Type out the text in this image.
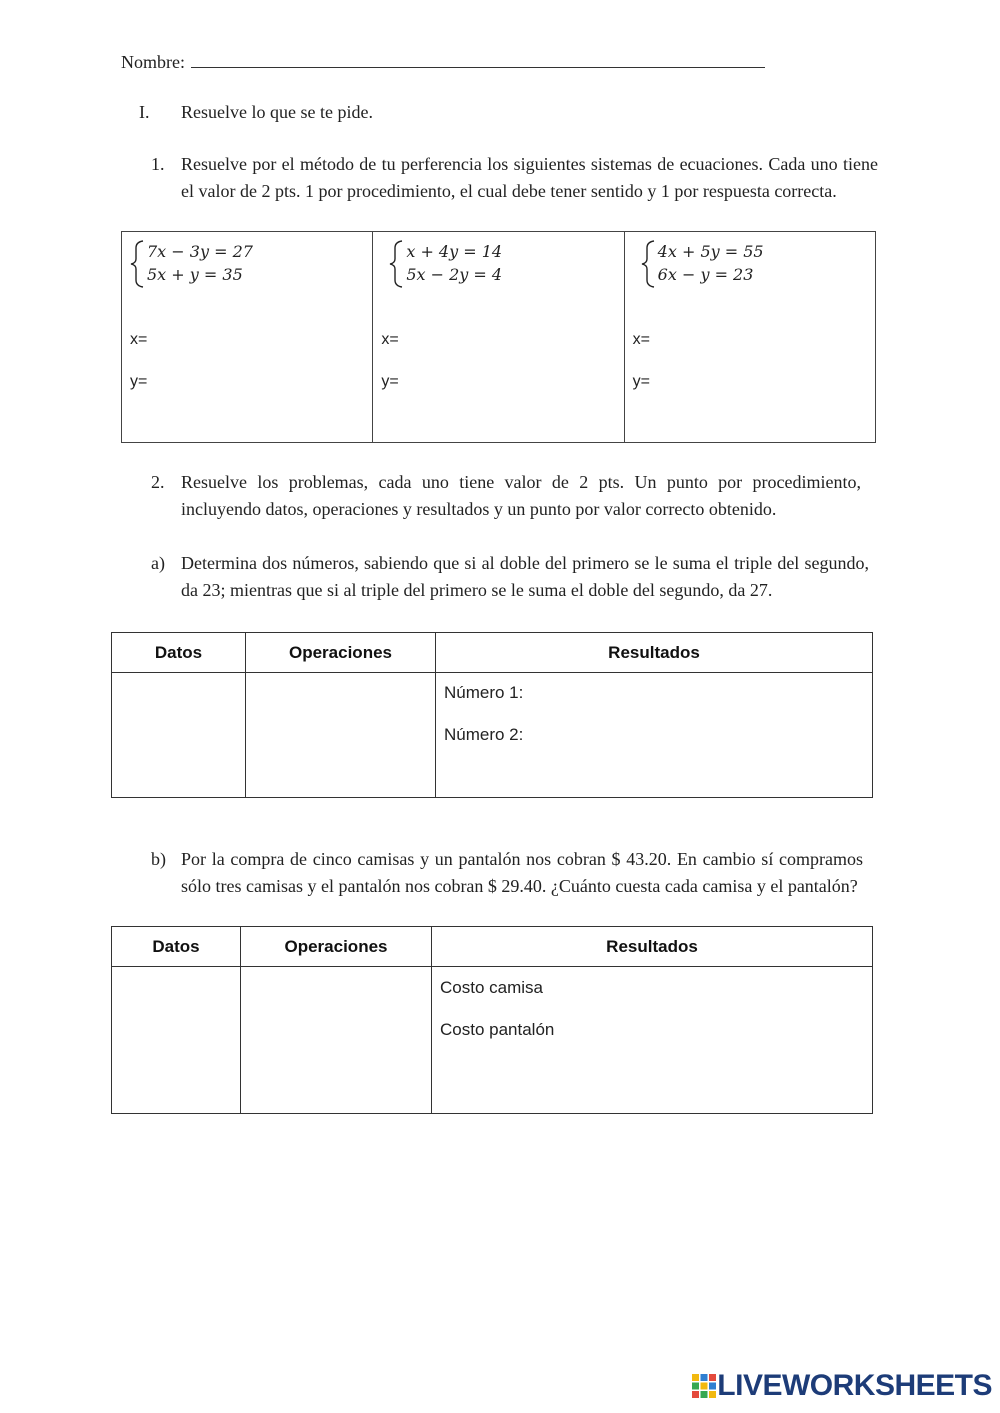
Nombre:
I. Resuelve lo que se te pide.
1. Resuelve por el método de tu perferencia los siguientes sistemas de ecuaciones. Cada uno tiene el valor de 2 pts. 1 por procedimiento, el cual debe tener sentido y 1 por respuesta correcta.
7x − 3y = 27
5x + y = 35
x=
y=
x + 4y = 14
5x − 2y = 4
x=
y=
4x + 5y = 55
6x − y = 23
x=
y=
2. Resuelve los problemas, cada uno tiene valor de 2 pts. Un punto por procedimiento, incluyendo datos, operaciones y resultados y un punto por valor correcto obtenido.
a) Determina dos números, sabiendo que si al doble del primero se le suma el triple del segundo, da 23; mientras que si al triple del primero se le suma el doble del segundo, da 27.
Datos	Operaciones	Resultados

		Número 1:
Número 2:
b) Por la compra de cinco camisas y un pantalón nos cobran $ 43.20. En cambio sí compramos sólo tres camisas y el pantalón nos cobran $ 29.40. ¿Cuánto cuesta cada camisa y el pantalón?
Datos	Operaciones	Resultados

		Costo camisa
Costo pantalón
LIVEWORKSHEETS
